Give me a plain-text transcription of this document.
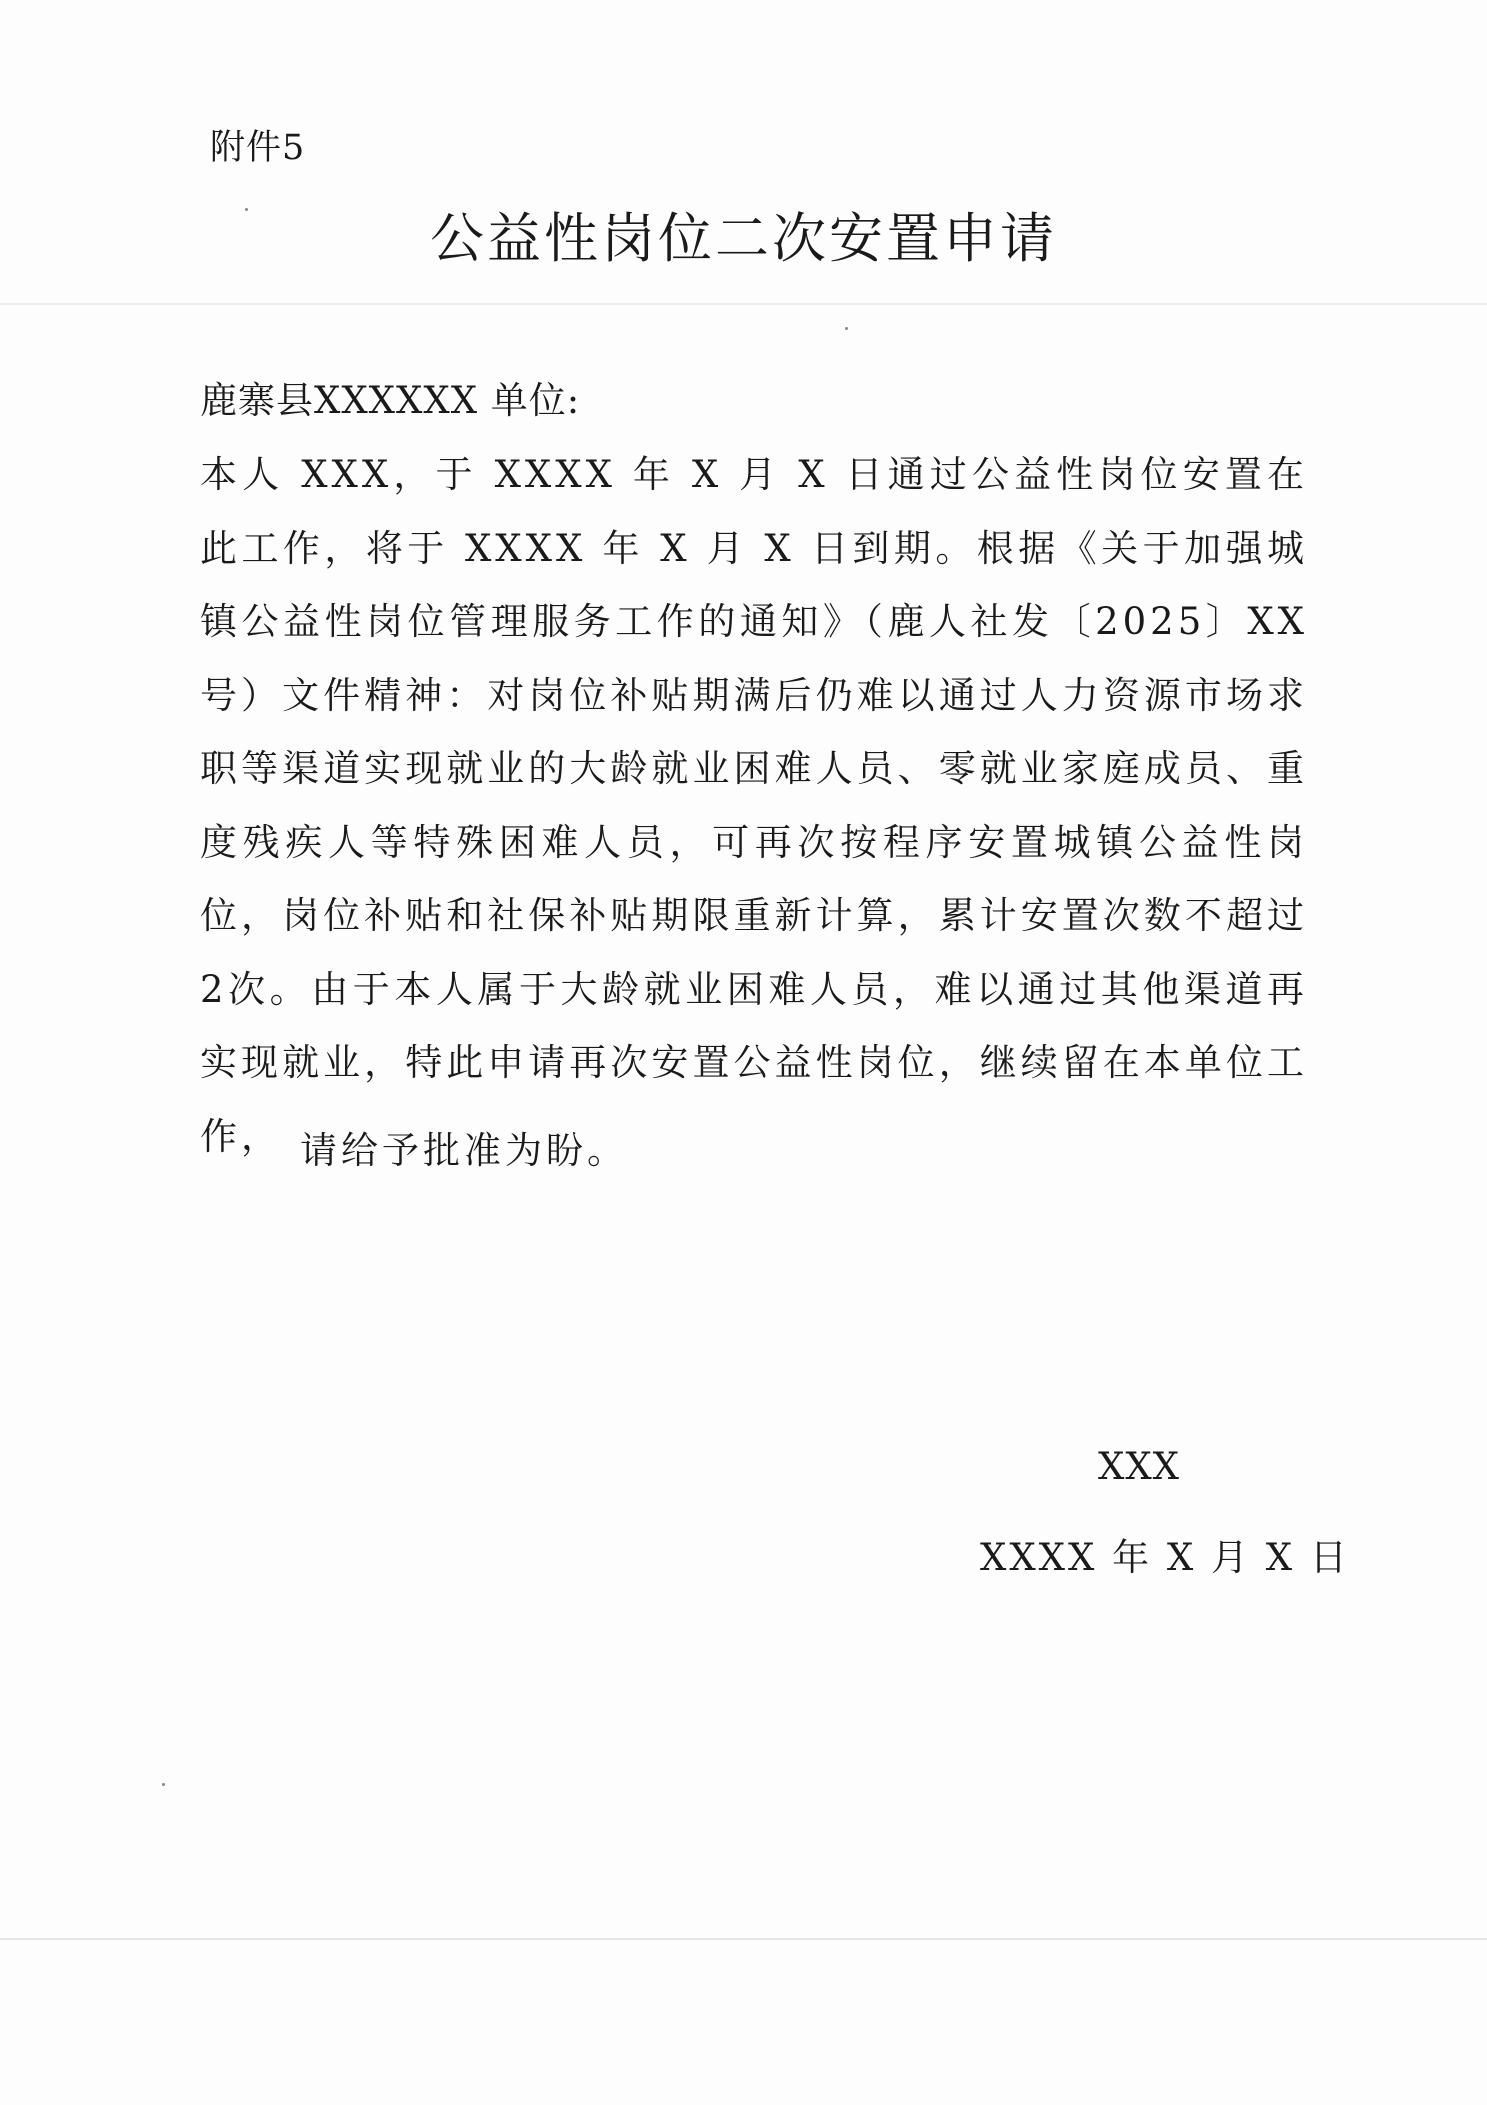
附件5
公益性岗位二次安置申请
鹿寨县XXXXXX 单位:

本人 XXX，于 XXXX 年 X 月 X 日通过公益性岗位安置在此工作，将于 XXXX 年 X 月 X 日到期。根据《关于加强城镇公益性岗位管理服务工作的通知》（鹿人社发〔2025〕XX 号）文件精神：对岗位补贴期满后仍难以通过人力资源市场求职等渠道实现就业的大龄就业困难人员、零就业家庭成员、重度残疾人等特殊困难人员，可再次按程序安置城镇公益性岗位，岗位补贴和社保补贴期限重新计算，累计安置次数不超过2次。由于本人属于大龄就业困难人员，难以通过其他渠道再实现就业，特此申请再次安置公益性岗位，继续留在本单位工作， 请给予批准为盼。
XXX
XXXX 年 X 月 X 日
